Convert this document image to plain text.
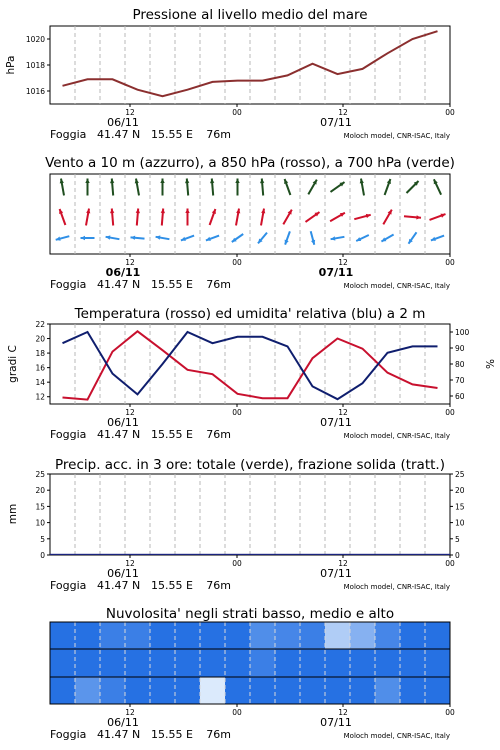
Pressione al livello medio del mare
hPa
1016
1018
1020
12	00	12	00
06/11	07/11
Foggia 41.47 N 15.55 E 76m	Moloch model, CNR-ISAC, Italy
Vento a 10 m (azzurro), a 850 hPa (rosso), a 700 hPa (verde)
12	00	12	00
06/11	07/11
Foggia 41.47 N 15.55 E 76m	Moloch model, CNR-ISAC, Italy
Temperatura (rosso) ed umidita' relativa (blu) a 2 m
gradi C	%
12
14
16
18
20
22
60
70
80
90
100
12	00	12	00
06/11	07/11
Foggia 41.47 N 15.55 E 76m	Moloch model, CNR-ISAC, Italy
Precip. acc. in 3 ore: totale (verde), frazione solida (tratt.)
mm
0
5
10
15
20
25
0
5
10
15
20
25
12	00	12	00
06/11	07/11
Foggia 41.47 N 15.55 E 76m	Moloch model, CNR-ISAC, Italy
Nuvolosita' negli strati basso, medio e alto
12	00	12	00
06/11	07/11
Foggia 41.47 N 15.55 E 76m	Moloch model, CNR-ISAC, Italy
